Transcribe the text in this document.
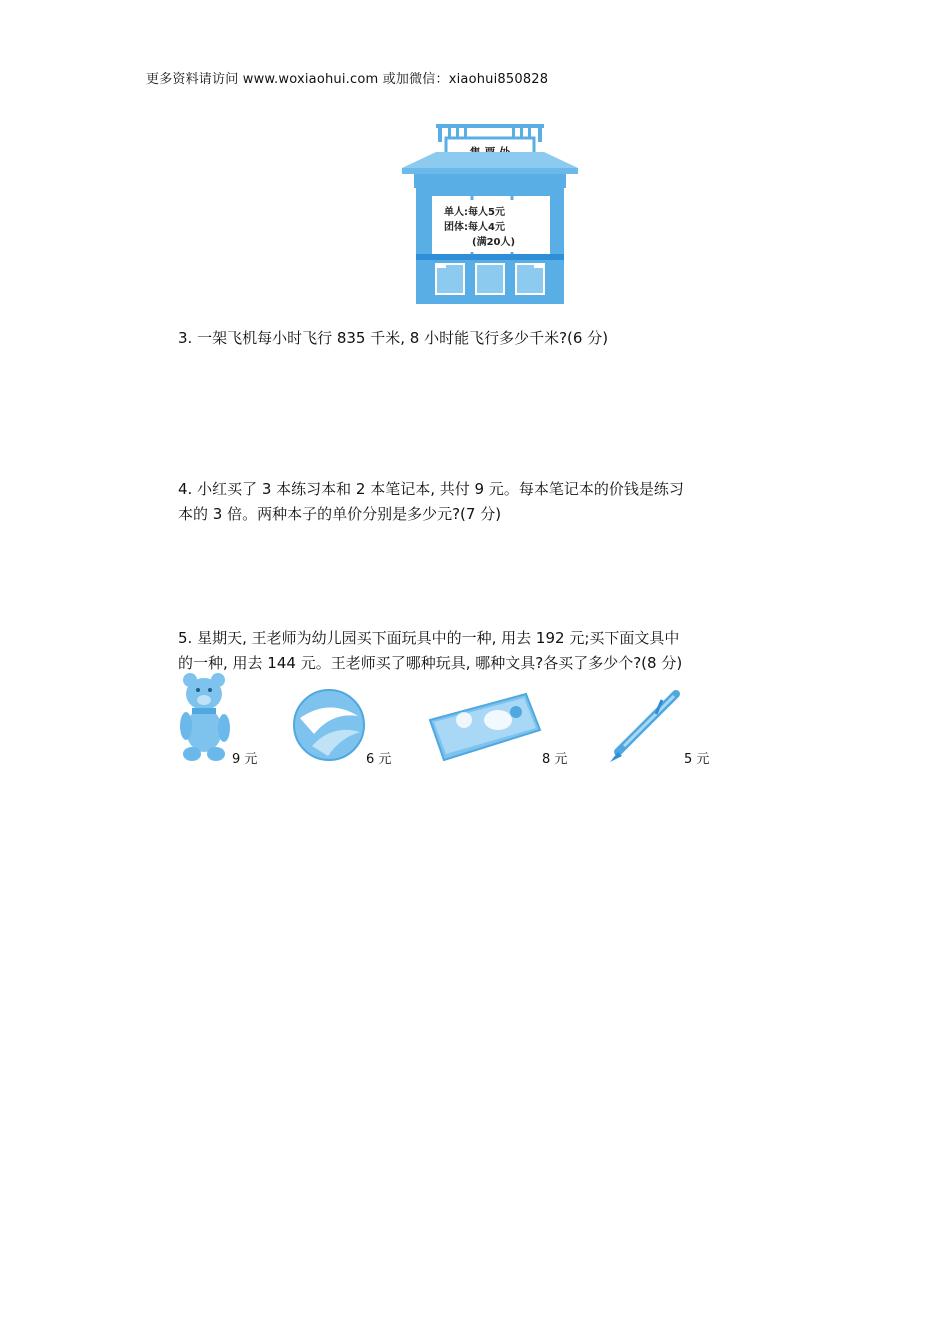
更多资料请访问 www.woxiaohui.com 或加微信：xiaohui850828
单人:每人5元
团体:每人4元
(满20人)
3. 一架飞机每小时飞行 835 千米, 8 小时能飞行多少千米?(6 分)
4. 小红买了 3 本练习本和 2 本笔记本, 共付 9 元。每本笔记本的价钱是练习
本的 3 倍。两种本子的单价分别是多少元?(7 分)
5. 星期天, 王老师为幼儿园买下面玩具中的一种, 用去 192 元;买下面文具中
的一种, 用去 144 元。王老师买了哪种玩具, 哪种文具?各买了多少个?(8 分)
9 元	6 元	8 元	5 元
